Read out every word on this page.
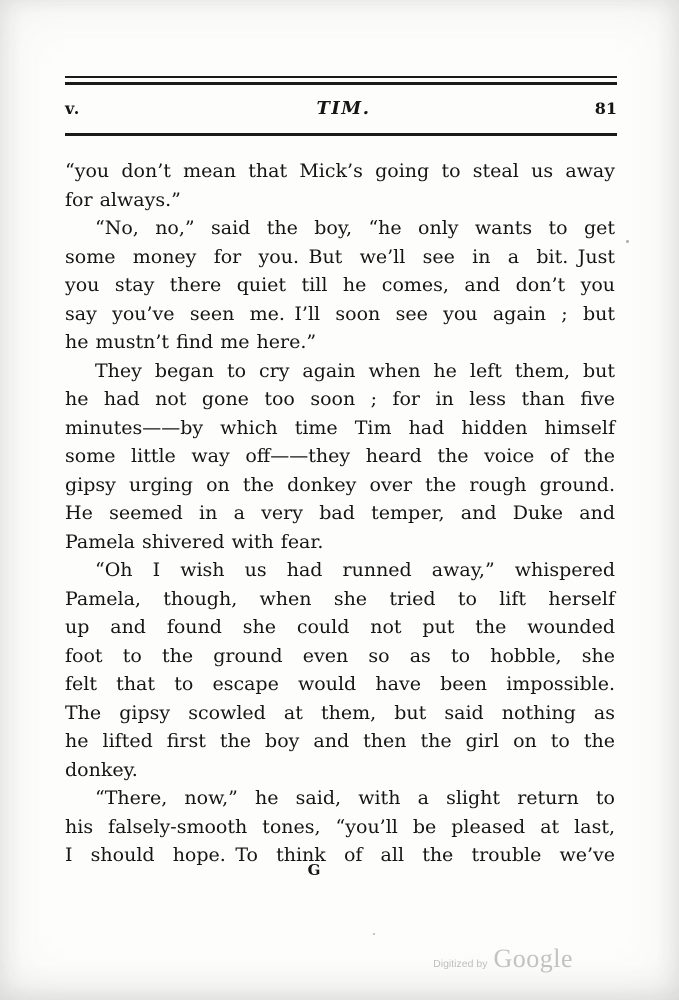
v.	TIM.	81
“you don’t mean that Mick’s going to steal us away
for always.”
“No, no,” said the boy, “he only wants to get
some money for you. But we’ll see in a bit. Just
you stay there quiet till he comes, and don’t you
say you’ve seen me. I’ll soon see you again ; but
he mustn’t find me here.”
They began to cry again when he left them, but
he had not gone too soon ; for in less than five
minutes——by which time Tim had hidden himself
some little way off——they heard the voice of the
gipsy urging on the donkey over the rough ground.
He seemed in a very bad temper, and Duke and
Pamela shivered with fear.
“Oh I wish us had runned away,” whispered
Pamela, though, when she tried to lift herself
up and found she could not put the wounded
foot to the ground even so as to hobble, she
felt that to escape would have been impossible.
The gipsy scowled at them, but said nothing as
he lifted first the boy and then the girl on to the
donkey.
“There, now,” he said, with a slight return to
his falsely-smooth tones, “you’ll be pleased at last,
I should hope. To think of all the trouble we’ve
G
Digitized by Google
